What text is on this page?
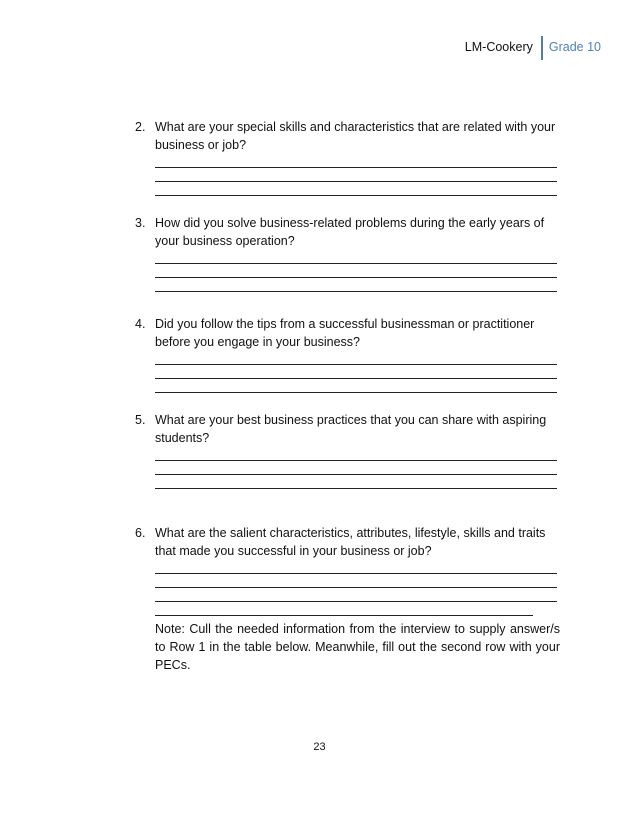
LM-Cookery	Grade 10
2. What are your special skills and characteristics that are related with your business or job?
3. How did you solve business-related problems during the early years of your business operation?
4. Did you follow the tips from a successful businessman or practitioner before you engage in your business?
5. What are your best business practices that you can share with aspiring students?
6. What are the salient characteristics, attributes, lifestyle, skills and traits that made you successful in your business or job?
Note: Cull the needed information from the interview to supply answer/s to Row 1 in the table below. Meanwhile, fill out the second row with your PECs.
23
